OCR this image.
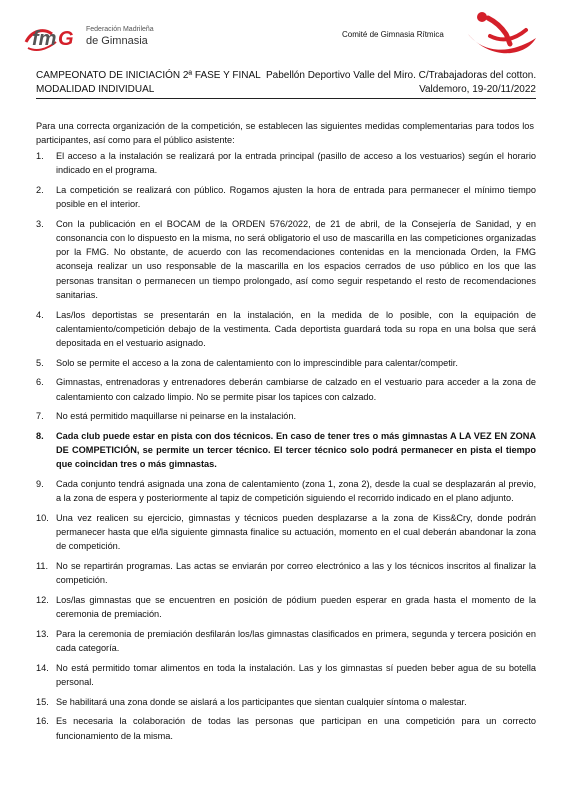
fm G Federación Madrileña
de Gimnasia
Comité de Gimnasia Rítmica
CAMPEONATO DE INICIACIÓN 2ª FASE Y FINAL
MODALIDAD INDIVIDUAL
Pabellón Deportivo Valle del Miro. C/Trabajadoras del cotton.
Valdemoro, 19-20/11/2022

Para una correcta organización de la competición, se establecen las siguientes medidas complementarias para todos los participantes, así como para el público asistente:

1.	El acceso a la instalación se realizará por la entrada principal (pasillo de acceso a los vestuarios) según el horario indicado en el programa.
2.	La competición se realizará con público. Rogamos ajusten la hora de entrada para permanecer el mínimo tiempo posible en el interior.
3.	Con la publicación en el BOCAM de la ORDEN 576/2022, de 21 de abril, de la Consejería de Sanidad, y en consonancia con lo dispuesto en la misma, no será obligatorio el uso de mascarilla en las competiciones organizadas por la FMG. No obstante, de acuerdo con las recomendaciones contenidas en la mencionada Orden, la FMG aconseja realizar un uso responsable de la mascarilla en los espacios cerrados de uso público en los que las personas transitan o permanecen un tiempo prolongado, así como seguir respetando el resto de recomendaciones sanitarias.
4.	Las/los deportistas se presentarán en la instalación, en la medida de lo posible, con la equipación de calentamiento/competición debajo de la vestimenta. Cada deportista guardará toda su ropa en una bolsa que será depositada en el vestuario asignado.
5.	Solo se permite el acceso a la zona de calentamiento con lo imprescindible para calentar/competir.
6.	Gimnastas, entrenadoras y entrenadores deberán cambiarse de calzado en el vestuario para acceder a la zona de calentamiento con calzado limpio. No se permite pisar los tapices con calzado.
7.	No está permitido maquillarse ni peinarse en la instalación.
8.	Cada club puede estar en pista con dos técnicos. En caso de tener tres o más gimnastas A LA VEZ EN ZONA DE COMPETICIÓN, se permite un tercer técnico. El tercer técnico solo podrá permanecer en pista el tiempo que coincidan tres o más gimnastas.
9.	Cada conjunto tendrá asignada una zona de calentamiento (zona 1, zona 2), desde la cual se desplazarán al previo, a la zona de espera y posteriormente al tapiz de competición siguiendo el recorrido indicado en el plano adjunto.
10. Una vez realicen su ejercicio, gimnastas y técnicos pueden desplazarse a la zona de Kiss&Cry, donde podrán permanecer hasta que el/la siguiente gimnasta finalice su actuación, momento en el cual deberán abandonar la zona de competición.
11. No se repartirán programas. Las actas se enviarán por correo electrónico a las y los técnicos inscritos al finalizar la competición.
12. Los/las gimnastas que se encuentren en posición de pódium pueden esperar en grada hasta el momento de la ceremonia de premiación.
13. Para la ceremonia de premiación desfilarán los/las gimnastas clasificados en primera, segunda y tercera posición en cada categoría.
14. No está permitido tomar alimentos en toda la instalación. Las y los gimnastas sí pueden beber agua de su botella personal.
15. Se habilitará una zona donde se aislará a los participantes que sientan cualquier síntoma o malestar.
16. Es necesaria la colaboración de todas las personas que participan en una competición para un correcto funcionamiento de la misma.
